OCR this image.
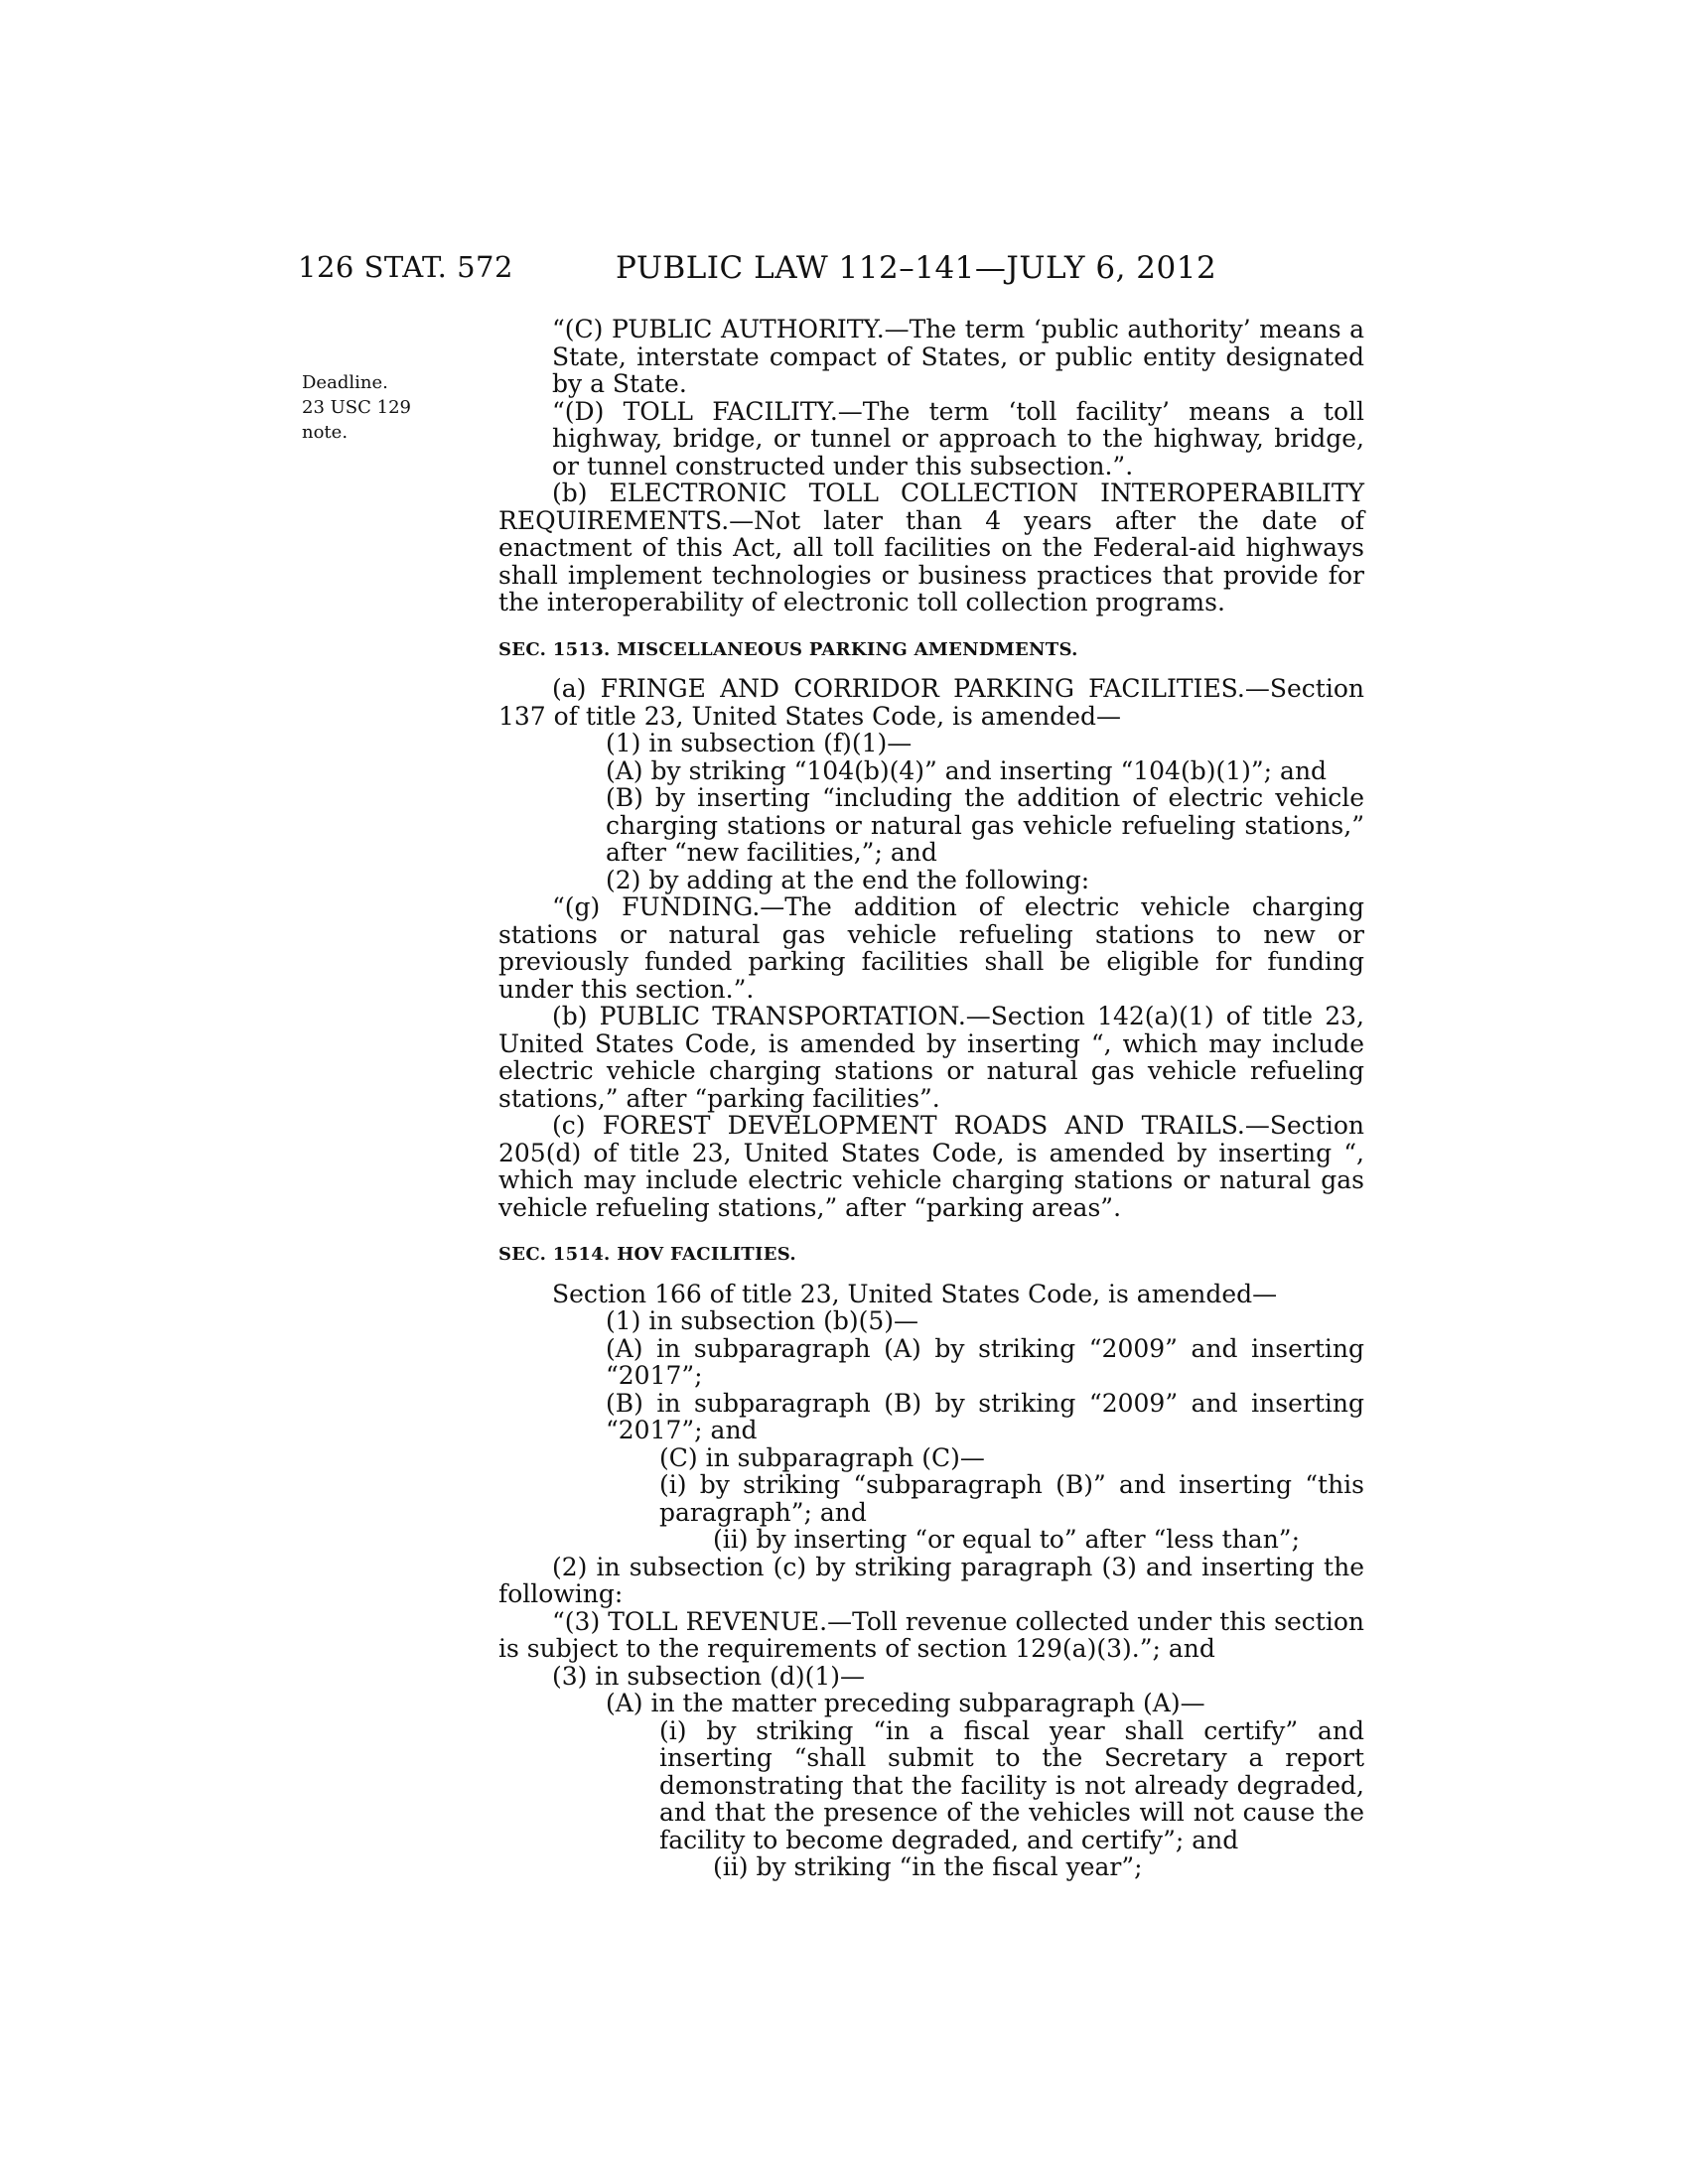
126 STAT. 572	PUBLIC LAW 112–141—JULY 6, 2012
Deadline.
23 USC 129 note.

“(C) PUBLIC AUTHORITY.—The term ‘public authority’ means a State, interstate compact of States, or public entity designated by a State.

“(D) TOLL FACILITY.—The term ‘toll facility’ means a toll highway, bridge, or tunnel or approach to the highway, bridge, or tunnel constructed under this subsection.”.

(b) ELECTRONIC TOLL COLLECTION INTEROPERABILITY REQUIREMENTS.—Not later than 4 years after the date of enactment of this Act, all toll facilities on the Federal-aid highways shall implement technologies or business practices that provide for the interoperability of electronic toll collection programs.

SEC. 1513. MISCELLANEOUS PARKING AMENDMENTS.

(a) FRINGE AND CORRIDOR PARKING FACILITIES.—Section 137 of title 23, United States Code, is amended—

(1) in subsection (f)(1)—

(A) by striking “104(b)(4)” and inserting “104(b)(1)”; and

(B) by inserting “including the addition of electric vehicle charging stations or natural gas vehicle refueling stations,” after “new facilities,”; and

(2) by adding at the end the following:

“(g) FUNDING.—The addition of electric vehicle charging stations or natural gas vehicle refueling stations to new or previously funded parking facilities shall be eligible for funding under this section.”.

(b) PUBLIC TRANSPORTATION.—Section 142(a)(1) of title 23, United States Code, is amended by inserting “, which may include electric vehicle charging stations or natural gas vehicle refueling stations,” after “parking facilities”.

(c) FOREST DEVELOPMENT ROADS AND TRAILS.—Section 205(d) of title 23, United States Code, is amended by inserting “, which may include electric vehicle charging stations or natural gas vehicle refueling stations,” after “parking areas”.

SEC. 1514. HOV FACILITIES.

Section 166 of title 23, United States Code, is amended—

(1) in subsection (b)(5)—

(A) in subparagraph (A) by striking “2009” and inserting “2017”;

(B) in subparagraph (B) by striking “2009” and inserting “2017”; and

(C) in subparagraph (C)—

(i) by striking “subparagraph (B)” and inserting “this paragraph”; and

(ii) by inserting “or equal to” after “less than”;

(2) in subsection (c) by striking paragraph (3) and inserting the following:

“(3) TOLL REVENUE.—Toll revenue collected under this section is subject to the requirements of section 129(a)(3).”; and

(3) in subsection (d)(1)—

(A) in the matter preceding subparagraph (A)—

(i) by striking “in a fiscal year shall certify” and inserting “shall submit to the Secretary a report demonstrating that the facility is not already degraded, and that the presence of the vehicles will not cause the facility to become degraded, and certify”; and

(ii) by striking “in the fiscal year”;
